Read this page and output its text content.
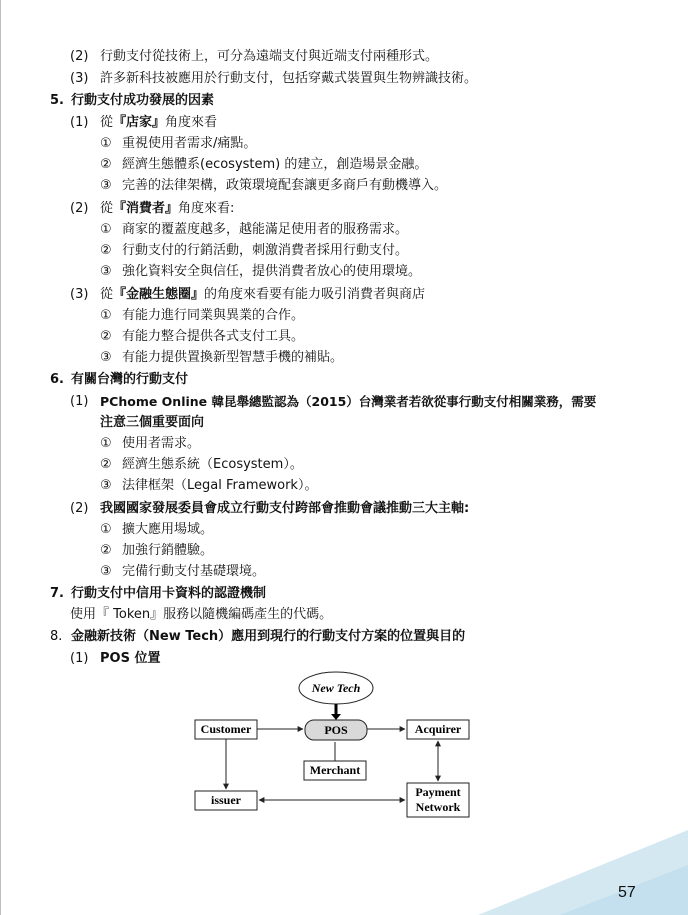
(2) 行動支付從技術上，可分為遠端支付與近端支付兩種形式。
(3) 許多新科技被應用於行動支付，包括穿戴式裝置與生物辨識技術。
5. 行動支付成功發展的因素
(1) 從『店家』角度來看
① 重視使用者需求/痛點。
② 經濟生態體系(ecosystem) 的建立，創造場景金融。
③ 完善的法律架構，政策環境配套讓更多商戶有動機導入。
(2) 從『消費者』角度來看:
① 商家的覆蓋度越多，越能滿足使用者的服務需求。
② 行動支付的行銷活動，刺激消費者採用行動支付。
③ 強化資料安全與信任，提供消費者放心的使用環境。
(3) 從『金融生態圈』的角度來看要有能力吸引消費者與商店
① 有能力進行同業與異業的合作。
② 有能力整合提供各式支付工具。
③ 有能力提供置換新型智慧手機的補貼。
6. 有關台灣的行動支付
(1) PChome Online 韓昆舉總監認為（2015）台灣業者若欲從事行動支付相關業務，需要
注意三個重要面向
① 使用者需求。
② 經濟生態系統（Ecosystem）。
③ 法律框架（Legal Framework）。
(2) 我國國家發展委員會成立行動支付跨部會推動會議推動三大主軸:
① 擴大應用場域。
② 加強行銷體驗。
③ 完備行動支付基礎環境。
7. 行動支付中信用卡資料的認證機制
使用『 Token』服務以隨機編碼產生的代碼。
8. 金融新技術（New Tech）應用到現行的行動支付方案的位置與目的
(1) POS 位置
New Tech
POS
Customer	Acquirer
Merchant
issuer
Payment
Network
57
